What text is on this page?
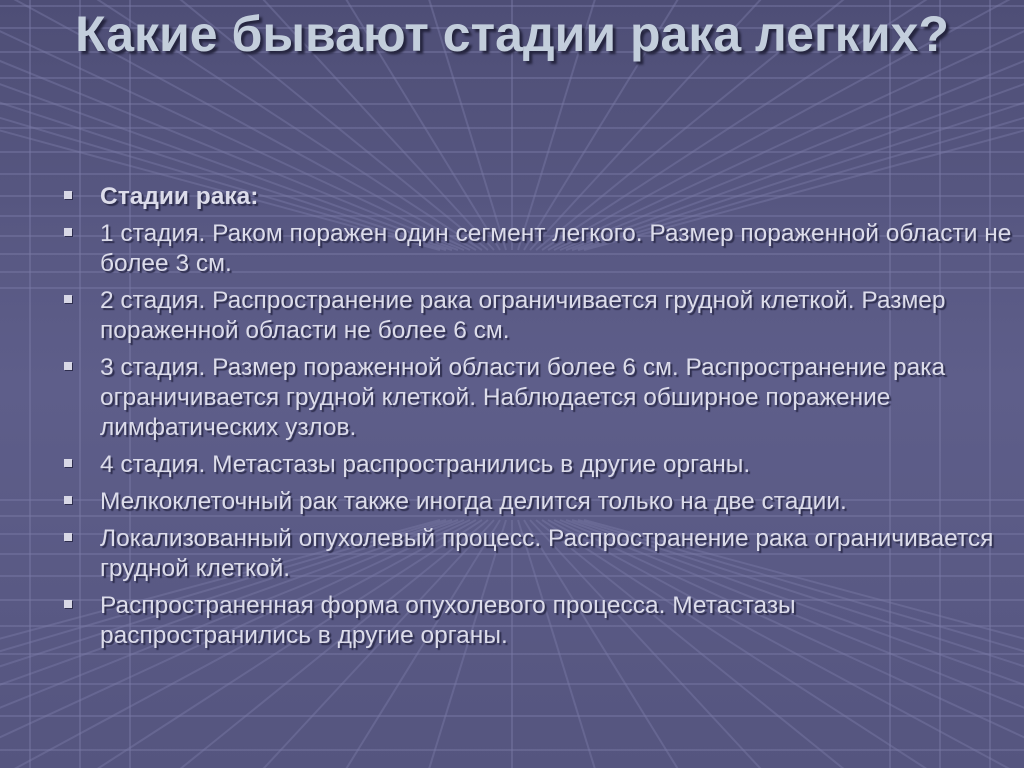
Какие бывают стадии рака легких?
Стадии рака:
1 стадия. Раком поражен один сегмент легкого. Размер пораженной области не более 3 см.
2 стадия. Распространение рака ограничивается грудной клеткой. Размер пораженной области не более 6 см.
3 стадия. Размер пораженной области более 6 см. Распространение рака ограничивается грудной клеткой. Наблюдается обширное поражение лимфатических узлов.
4 стадия. Метастазы распространились в другие органы.
Мелкоклеточный рак также иногда делится только на две стадии.
Локализованный опухолевый процесс. Распространение рака ограничивается грудной клеткой.
Распространенная форма опухолевого процесса. Метастазы распространились в другие органы.
